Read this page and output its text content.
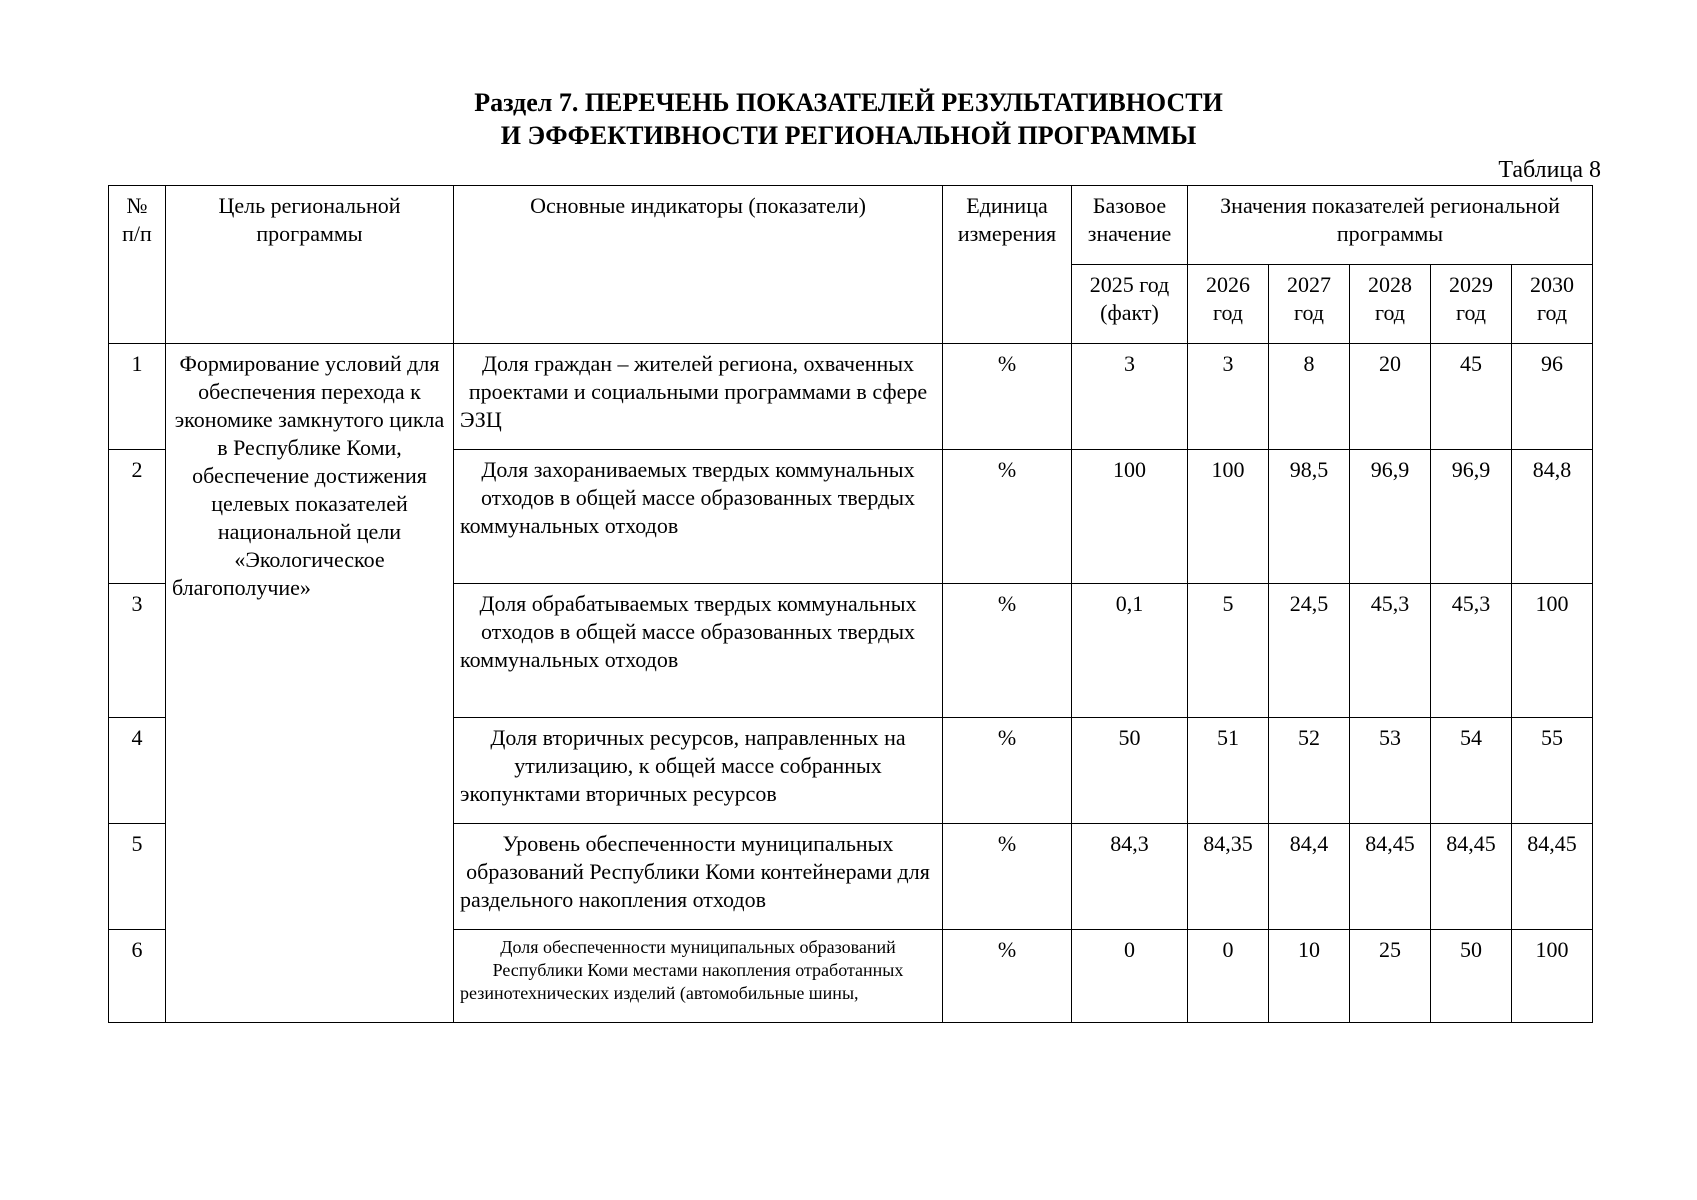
Раздел 7. ПЕРЕЧЕНЬ ПОКАЗАТЕЛЕЙ РЕЗУЛЬТАТИВНОСТИ
И ЭФФЕКТИВНОСТИ РЕГИОНАЛЬНОЙ ПРОГРАММЫ
Таблица 8
№ п/п	Цель региональной программы	Основные индикаторы (показатели)	Единица измерения	Базовое значение	Значения показателей региональной программы				
				2025 год (факт)	2026 год	2027 год	2028 год	2029 год	2030 год
1	Формирование условий для обеспечения перехода к экономике замкнутого цикла в Республике Коми, обеспечение достижения целевых показателей национальной цели «Экологическое благополучие»	Доля граждан – жителей региона, охваченных проектами и социальными программами в сфере ЭЗЦ	%	3	3	8	20	45	96
2		Доля захораниваемых твердых коммунальных отходов в общей массе образованных твердых коммунальных отходов	%	100	100	98,5	96,9	96,9	84,8
3		Доля обрабатываемых твердых коммунальных отходов в общей массе образованных твердых коммунальных отходов	%	0,1	5	24,5	45,3	45,3	100
4		Доля вторичных ресурсов, направленных на утилизацию, к общей массе собранных экопунктами вторичных ресурсов	%	50	51	52	53	54	55
5		Уровень обеспеченности муниципальных образований Республики Коми контейнерами для раздельного накопления отходов	%	84,3	84,35	84,4	84,45	84,45	84,45
6		Доля обеспеченности муниципальных образований Республики Коми местами накопления отработанных резинотехнических изделий (автомобильные шины,	%	0	0	10	25	50	100
